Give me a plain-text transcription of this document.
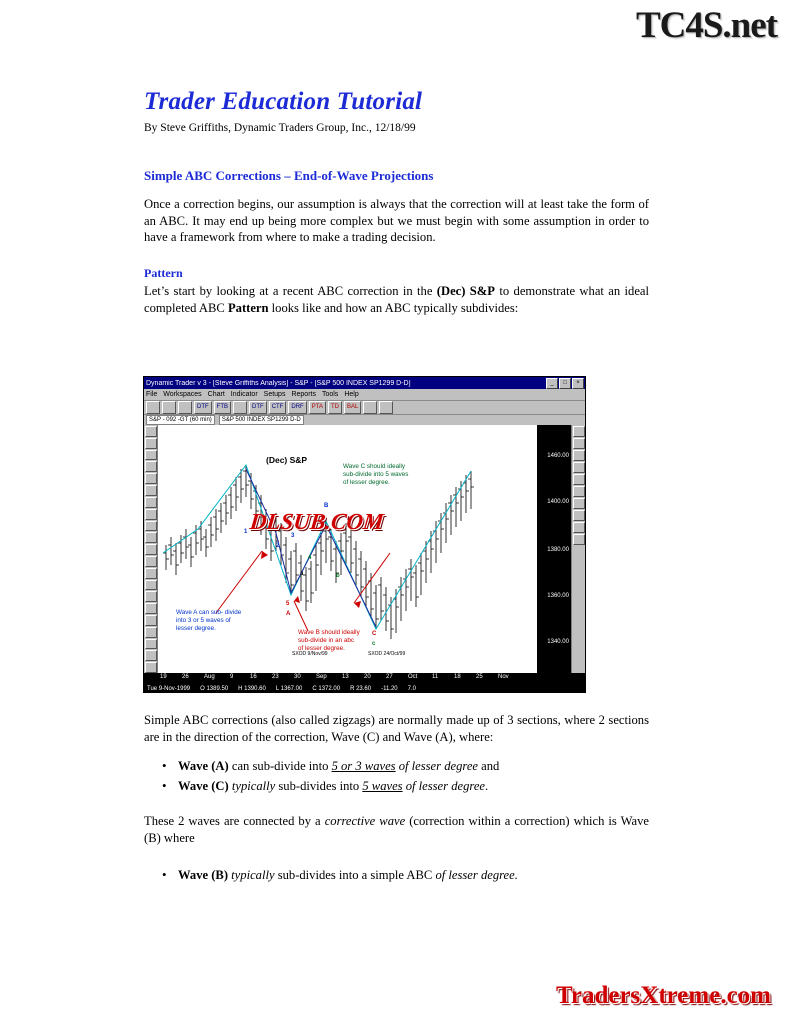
TC4S.net
Trader Education Tutorial
By Steve Griffiths, Dynamic Traders Group, Inc., 12/18/99
Simple ABC Corrections – End-of-Wave Projections

Once a correction begins, our assumption is always that the correction will at least take the form of an ABC. It may end up being more complex but we must begin with some assumption in order to have a framework from where to make a trading decision.

Pattern

Let’s start by looking at a recent ABC correction in the (Dec) S&P to demonstrate what an ideal completed ABC Pattern looks like and how an ABC typically subdivides:

Dynamic Trader v 3 - [Steve Griffiths Analysis] - S&P - [S&P 500 INDEX SP1299 D-D]	_	□	×
File Workspaces Chart Indicator Setups Reports Tools Help
DTF	FTB	DTF	CTF	DRF	PTA	TD	BAL
S&P - 092 -GT (60 min)	S&P 500 INDEX SP1299 D-D
(Dec) S&P
Wave C should ideally
sub-divide into 5 waves
of lesser degree.
Wave A can sub- divide
into 3 or 5 waves of
lesser degree.
Wave B should ideally
sub-divide in an abc
of lesser degree.
1
2
3
4
5
A
B
C
a	b
c
SXOD 9/Nov/99	SXOD 24/Oct/99
DLSUB.COM
1460.00
1400.00
1380.00
1360.00
1340.00
19	26	Aug	9	16	23	30	Sep	13	20	27	Oct 11	18	25	Nov
Tue 9-Nov-1999 O 1389.50 H 1390.60 L 1367.00 C 1372.00 R 23.60 -11.20 7.0

Simple ABC corrections (also called zigzags) are normally made up of 3 sections, where 2 sections are in the direction of the correction, Wave (C) and Wave (A), where:

• Wave (A) can sub-divide into 5 or 3 waves of lesser degree and
• Wave (C) typically sub-divides into 5 waves of lesser degree.

These 2 waves are connected by a corrective wave (correction within a correction) which is Wave (B) where

• Wave (B) typically sub-divides into a simple ABC of lesser degree.
TradersXtreme.com
